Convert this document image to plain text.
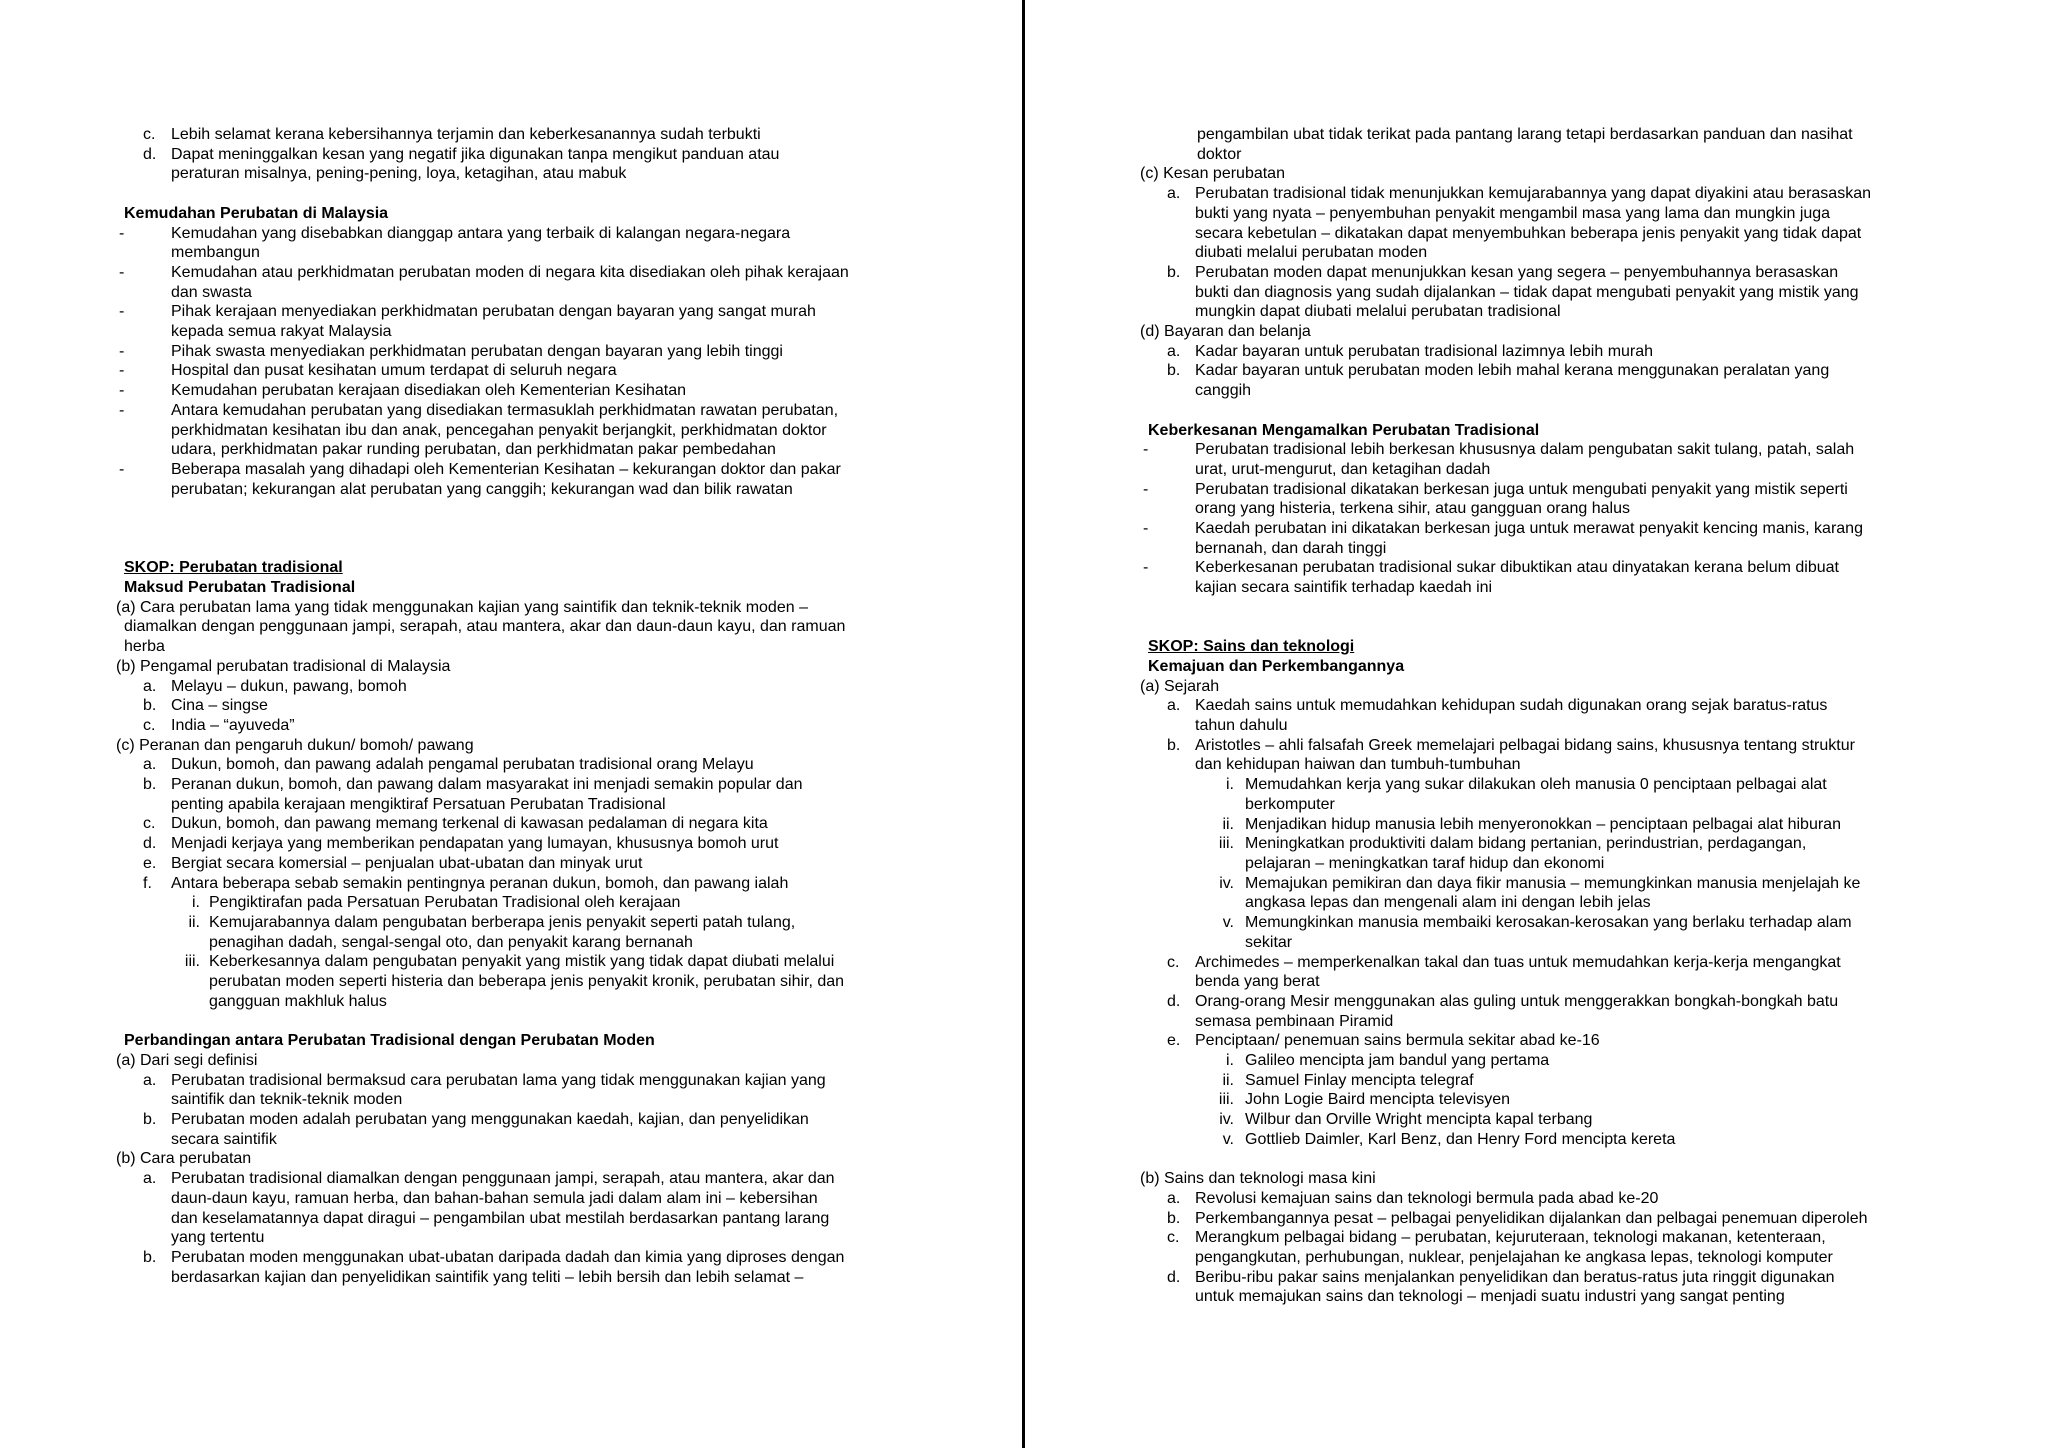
c. Lebih selamat kerana kebersihannya terjamin dan keberkesanannya sudah terbukti
d. Dapat meninggalkan kesan yang negatif jika digunakan tanpa mengikut panduan atau
peraturan misalnya, pening-pening, loya, ketagihan, atau mabuk
Kemudahan Perubatan di Malaysia
-	Kemudahan yang disebabkan dianggap antara yang terbaik di kalangan negara-negara
membangun
-	Kemudahan atau perkhidmatan perubatan moden di negara kita disediakan oleh pihak kerajaan
dan swasta
-	Pihak kerajaan menyediakan perkhidmatan perubatan dengan bayaran yang sangat murah
kepada semua rakyat Malaysia
-	Pihak swasta menyediakan perkhidmatan perubatan dengan bayaran yang lebih tinggi
-	Hospital dan pusat kesihatan umum terdapat di seluruh negara
-	Kemudahan perubatan kerajaan disediakan oleh Kementerian Kesihatan
-	Antara kemudahan perubatan yang disediakan termasuklah perkhidmatan rawatan perubatan,
perkhidmatan kesihatan ibu dan anak, pencegahan penyakit berjangkit, perkhidmatan doktor
udara, perkhidmatan pakar runding perubatan, dan perkhidmatan pakar pembedahan
-	Beberapa masalah yang dihadapi oleh Kementerian Kesihatan – kekurangan doktor dan pakar
perubatan; kekurangan alat perubatan yang canggih; kekurangan wad dan bilik rawatan
SKOP: Perubatan tradisional
Maksud Perubatan Tradisional
(a) Cara perubatan lama yang tidak menggunakan kajian yang saintifik dan teknik-teknik moden –
diamalkan dengan penggunaan jampi, serapah, atau mantera, akar dan daun-daun kayu, dan ramuan
herba
(b) Pengamal perubatan tradisional di Malaysia
a. Melayu – dukun, pawang, bomoh
b. Cina – singse
c. India – “ayuveda”
(c) Peranan dan pengaruh dukun/ bomoh/ pawang
a. Dukun, bomoh, dan pawang adalah pengamal perubatan tradisional orang Melayu
b. Peranan dukun, bomoh, dan pawang dalam masyarakat ini menjadi semakin popular dan
penting apabila kerajaan mengiktiraf Persatuan Perubatan Tradisional
c. Dukun, bomoh, dan pawang memang terkenal di kawasan pedalaman di negara kita
d. Menjadi kerjaya yang memberikan pendapatan yang lumayan, khususnya bomoh urut
e. Bergiat secara komersial – penjualan ubat-ubatan dan minyak urut
f. Antara beberapa sebab semakin pentingnya peranan dukun, bomoh, dan pawang ialah
i. Pengiktirafan pada Persatuan Perubatan Tradisional oleh kerajaan
ii. Kemujarabannya dalam pengubatan berberapa jenis penyakit seperti patah tulang,
penagihan dadah, sengal-sengal oto, dan penyakit karang bernanah
iii. Keberkesannya dalam pengubatan penyakit yang mistik yang tidak dapat diubati melalui
perubatan moden seperti histeria dan beberapa jenis penyakit kronik, perubatan sihir, dan
gangguan makhluk halus
Perbandingan antara Perubatan Tradisional dengan Perubatan Moden
(a) Dari segi definisi
a. Perubatan tradisional bermaksud cara perubatan lama yang tidak menggunakan kajian yang
saintifik dan teknik-teknik moden
b. Perubatan moden adalah perubatan yang menggunakan kaedah, kajian, dan penyelidikan
secara saintifik
(b) Cara perubatan
a. Perubatan tradisional diamalkan dengan penggunaan jampi, serapah, atau mantera, akar dan
daun-daun kayu, ramuan herba, dan bahan-bahan semula jadi dalam alam ini – kebersihan
dan keselamatannya dapat diragui – pengambilan ubat mestilah berdasarkan pantang larang
yang tertentu
b. Perubatan moden menggunakan ubat-ubatan daripada dadah dan kimia yang diproses dengan
berdasarkan kajian dan penyelidikan saintifik yang teliti – lebih bersih dan lebih selamat –
pengambilan ubat tidak terikat pada pantang larang tetapi berdasarkan panduan dan nasihat
doktor
(c) Kesan perubatan
a. Perubatan tradisional tidak menunjukkan kemujarabannya yang dapat diyakini atau berasaskan
bukti yang nyata – penyembuhan penyakit mengambil masa yang lama dan mungkin juga
secara kebetulan – dikatakan dapat menyembuhkan beberapa jenis penyakit yang tidak dapat
diubati melalui perubatan moden
b. Perubatan moden dapat menunjukkan kesan yang segera – penyembuhannya berasaskan
bukti dan diagnosis yang sudah dijalankan – tidak dapat mengubati penyakit yang mistik yang
mungkin dapat diubati melalui perubatan tradisional
(d) Bayaran dan belanja
a. Kadar bayaran untuk perubatan tradisional lazimnya lebih murah
b. Kadar bayaran untuk perubatan moden lebih mahal kerana menggunakan peralatan yang
canggih
Keberkesanan Mengamalkan Perubatan Tradisional
-	Perubatan tradisional lebih berkesan khususnya dalam pengubatan sakit tulang, patah, salah
urat, urut-mengurut, dan ketagihan dadah
-	Perubatan tradisional dikatakan berkesan juga untuk mengubati penyakit yang mistik seperti
orang yang histeria, terkena sihir, atau gangguan orang halus
-	Kaedah perubatan ini dikatakan berkesan juga untuk merawat penyakit kencing manis, karang
bernanah, dan darah tinggi
-	Keberkesanan perubatan tradisional sukar dibuktikan atau dinyatakan kerana belum dibuat
kajian secara saintifik terhadap kaedah ini
SKOP: Sains dan teknologi
Kemajuan dan Perkembangannya
(a) Sejarah
a. Kaedah sains untuk memudahkan kehidupan sudah digunakan orang sejak baratus-ratus
tahun dahulu
b. Aristotles – ahli falsafah Greek memelajari pelbagai bidang sains, khususnya tentang struktur
dan kehidupan haiwan dan tumbuh-tumbuhan
i. Memudahkan kerja yang sukar dilakukan oleh manusia 0 penciptaan pelbagai alat
berkomputer
ii. Menjadikan hidup manusia lebih menyeronokkan – penciptaan pelbagai alat hiburan
iii. Meningkatkan produktiviti dalam bidang pertanian, perindustrian, perdagangan,
pelajaran – meningkatkan taraf hidup dan ekonomi
iv. Memajukan pemikiran dan daya fikir manusia – memungkinkan manusia menjelajah ke
angkasa lepas dan mengenali alam ini dengan lebih jelas
v. Memungkinkan manusia membaiki kerosakan-kerosakan yang berlaku terhadap alam
sekitar
c. Archimedes – memperkenalkan takal dan tuas untuk memudahkan kerja-kerja mengangkat
benda yang berat
d. Orang-orang Mesir menggunakan alas guling untuk menggerakkan bongkah-bongkah batu
semasa pembinaan Piramid
e. Penciptaan/ penemuan sains bermula sekitar abad ke-16
i. Galileo mencipta jam bandul yang pertama
ii. Samuel Finlay mencipta telegraf
iii. John Logie Baird mencipta televisyen
iv. Wilbur dan Orville Wright mencipta kapal terbang
v. Gottlieb Daimler, Karl Benz, dan Henry Ford mencipta kereta
(b) Sains dan teknologi masa kini
a. Revolusi kemajuan sains dan teknologi bermula pada abad ke-20
b. Perkembangannya pesat – pelbagai penyelidikan dijalankan dan pelbagai penemuan diperoleh
c. Merangkum pelbagai bidang – perubatan, kejuruteraan, teknologi makanan, ketenteraan,
pengangkutan, perhubungan, nuklear, penjelajahan ke angkasa lepas, teknologi komputer
d. Beribu-ribu pakar sains menjalankan penyelidikan dan beratus-ratus juta ringgit digunakan
untuk memajukan sains dan teknologi – menjadi suatu industri yang sangat penting
